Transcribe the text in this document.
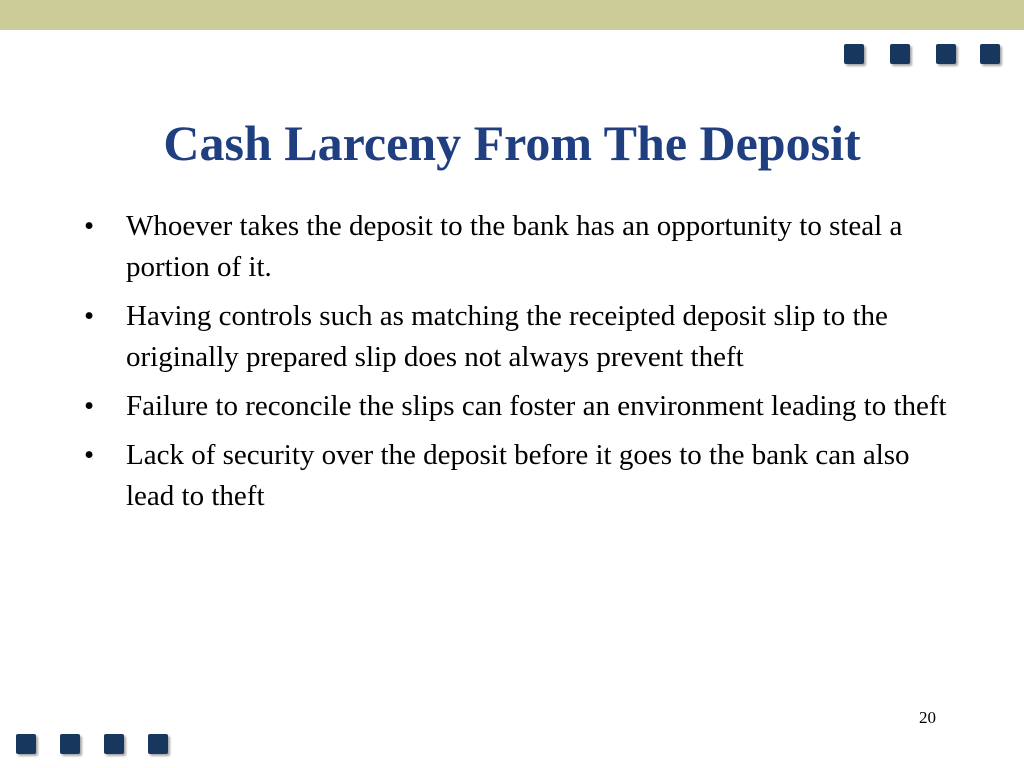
Cash Larceny From The Deposit
• Whoever takes the deposit to the bank has an opportunity to steal a portion of it.
• Having controls such as matching the receipted deposit slip to the originally prepared slip does not always prevent theft
• Failure to reconcile the slips can foster an environment leading to theft
• Lack of security over the deposit before it goes to the bank can also lead to theft
20
